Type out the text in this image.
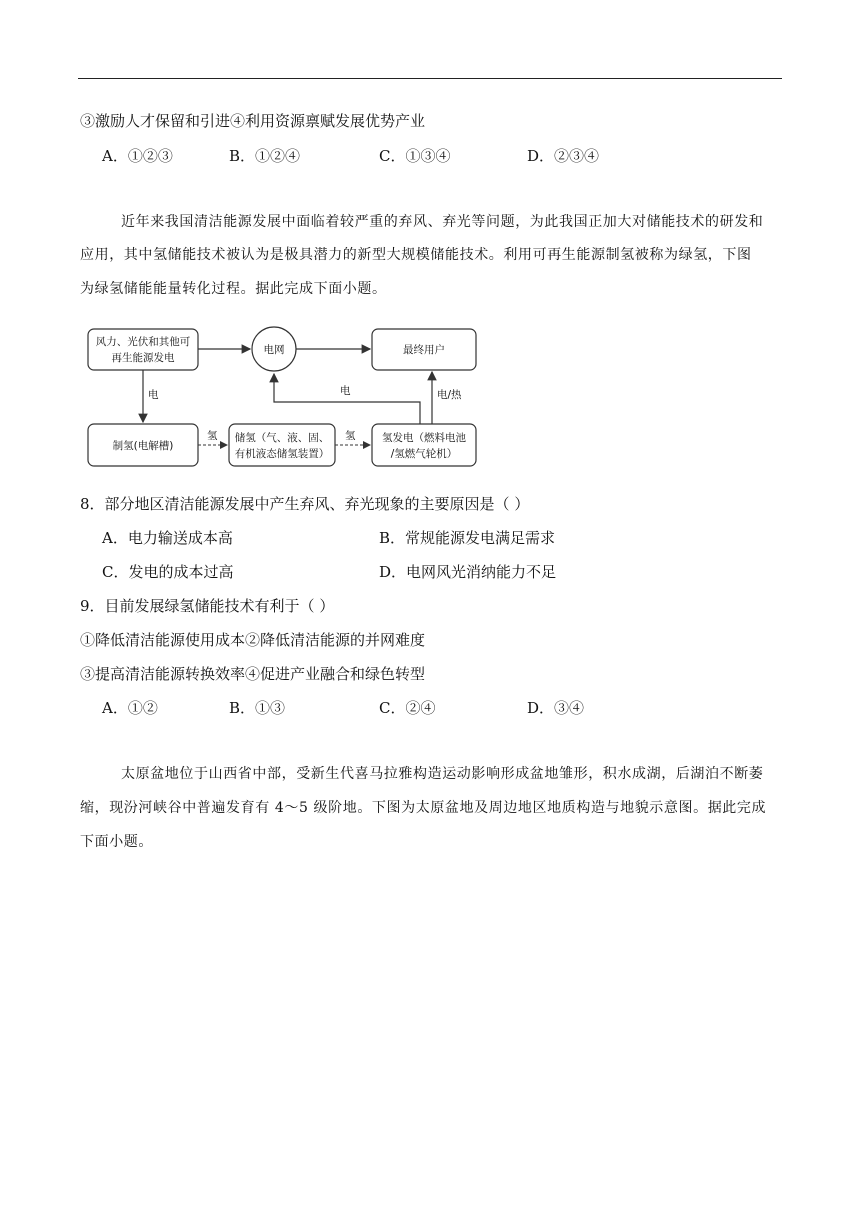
③激励人才保留和引进④利用资源禀赋发展优势产业
A．①②③	B．①②④	C．①③④	D．②③④
近年来我国清洁能源发展中面临着较严重的弃风、弃光等问题，为此我国正加大对储能技术的研发和
应用，其中氢储能技术被认为是极具潜力的新型大规模储能技术。利用可再生能源制氢被称为绿氢，下图
为绿氢储能能量转化过程。据此完成下面小题。
风力、光伏和其他可
再生能源发电
电网	最终用户
制氢(电解槽)
储氢（气、液、固、
有机液态储氢装置）
氢发电（燃料电池
/氢燃气轮机）
电
氢	氢
电	电/热
8．部分地区清洁能源发展中产生弃风、弃光现象的主要原因是（ ）
A．电力输送成本高	B．常规能源发电满足需求
C．发电的成本过高	D．电网风光消纳能力不足
9．目前发展绿氢储能技术有利于（ ）
①降低清洁能源使用成本②降低清洁能源的并网难度
③提高清洁能源转换效率④促进产业融合和绿色转型
A．①②	B．①③	C．②④	D．③④
太原盆地位于山西省中部，受新生代喜马拉雅构造运动影响形成盆地雏形，积水成湖，后湖泊不断萎
缩，现汾河峡谷中普遍发育有 4～5 级阶地。下图为太原盆地及周边地区地质构造与地貌示意图。据此完成
下面小题。
